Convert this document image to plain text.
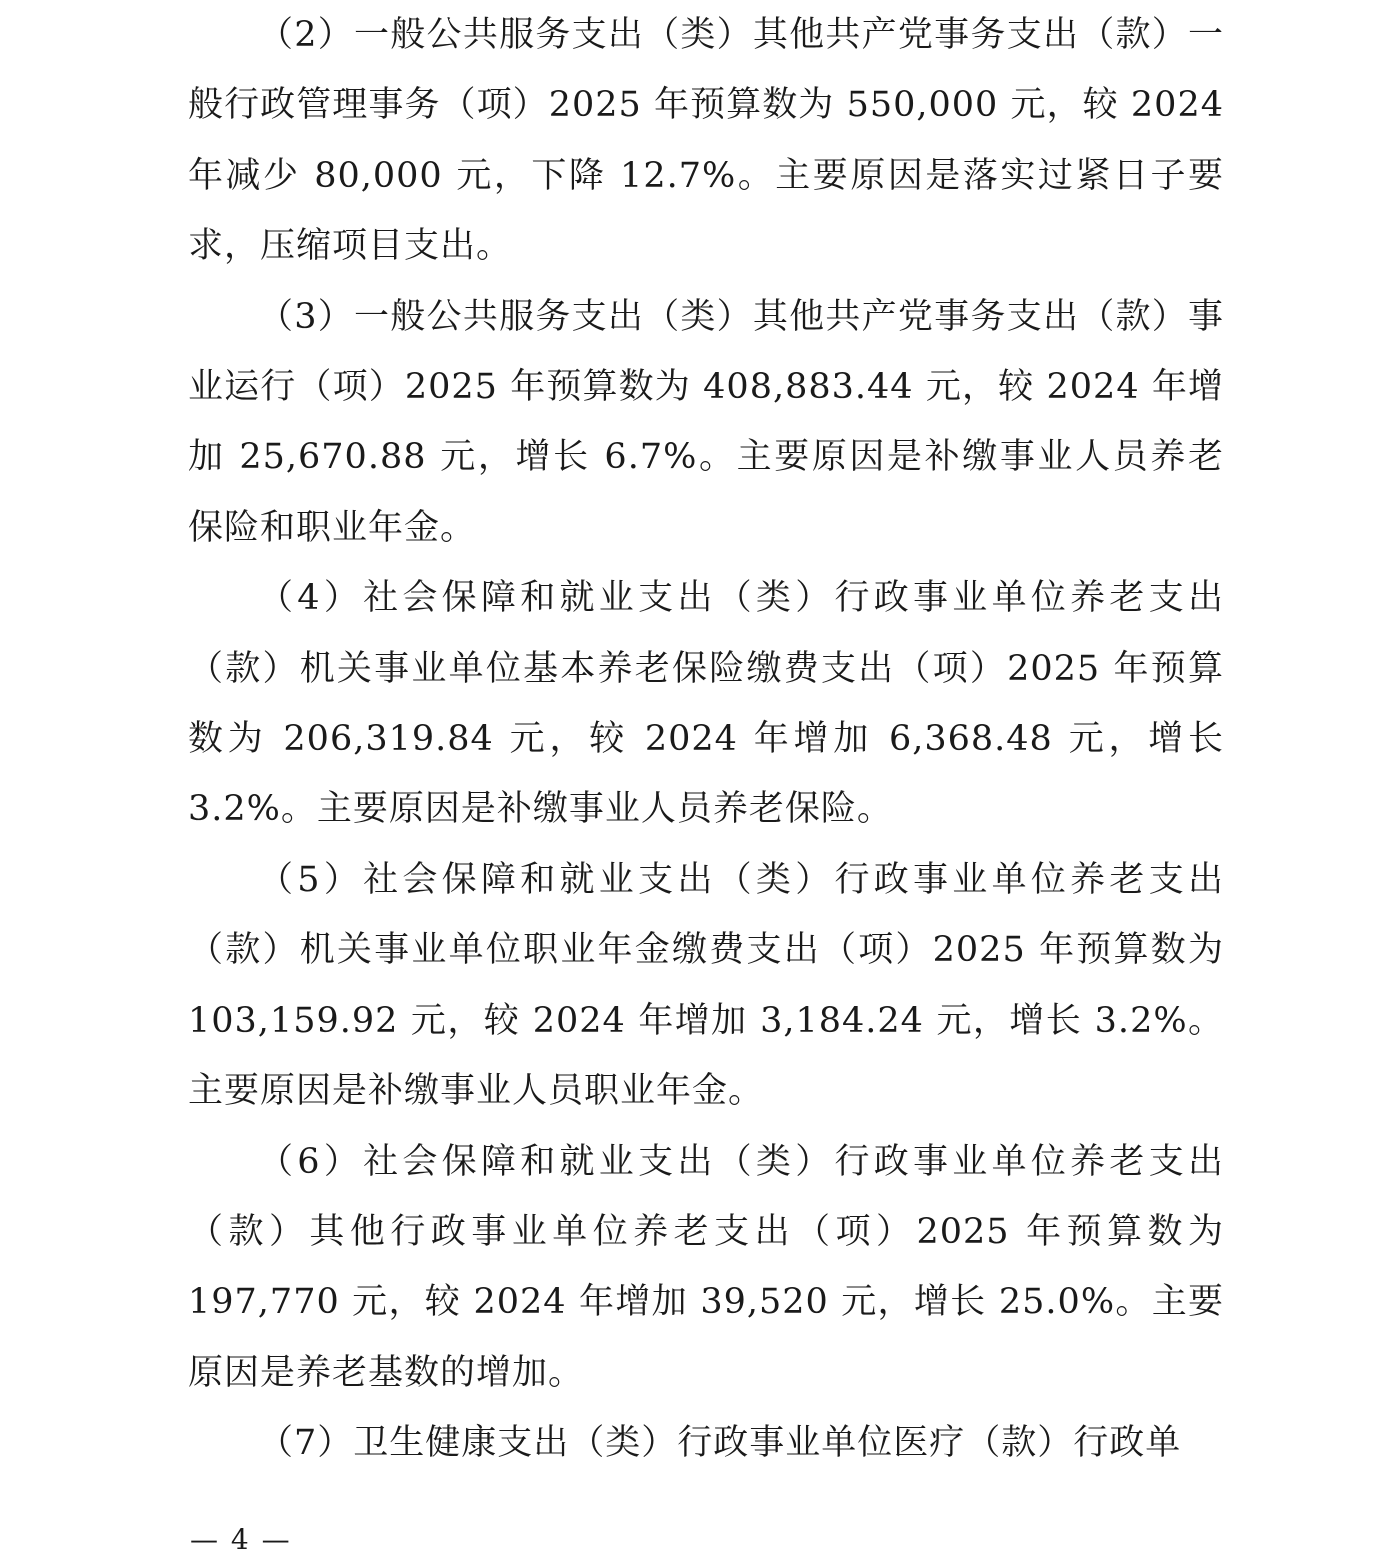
（2）一般公共服务支出（类）其他共产党事务支出（款）一般行政管理事务（项）2025 年预算数为 550,000 元，较 2024 年减少 80,000 元，下降 12.7%。主要原因是落实过紧日子要求，压缩项目支出。

（3）一般公共服务支出（类）其他共产党事务支出（款）事业运行（项）2025 年预算数为 408,883.44 元，较 2024 年增加 25,670.88 元，增长 6.7%。主要原因是补缴事业人员养老保险和职业年金。

（4）社会保障和就业支出（类）行政事业单位养老支出（款）机关事业单位基本养老保险缴费支出（项）2025 年预算数为 206,319.84 元，较 2024 年增加 6,368.48 元，增长 3.2%。主要原因是补缴事业人员养老保险。

（5）社会保障和就业支出（类）行政事业单位养老支出（款）机关事业单位职业年金缴费支出（项）2025 年预算数为 103,159.92 元，较 2024 年增加 3,184.24 元，增长 3.2%。主要原因是补缴事业人员职业年金。

（6）社会保障和就业支出（类）行政事业单位养老支出（款）其他行政事业单位养老支出（项）2025 年预算数为 197,770 元，较 2024 年增加 39,520 元，增长 25.0%。主要原因是养老基数的增加。

（7）卫生健康支出（类）行政事业单位医疗（款）行政单

— 4 —
